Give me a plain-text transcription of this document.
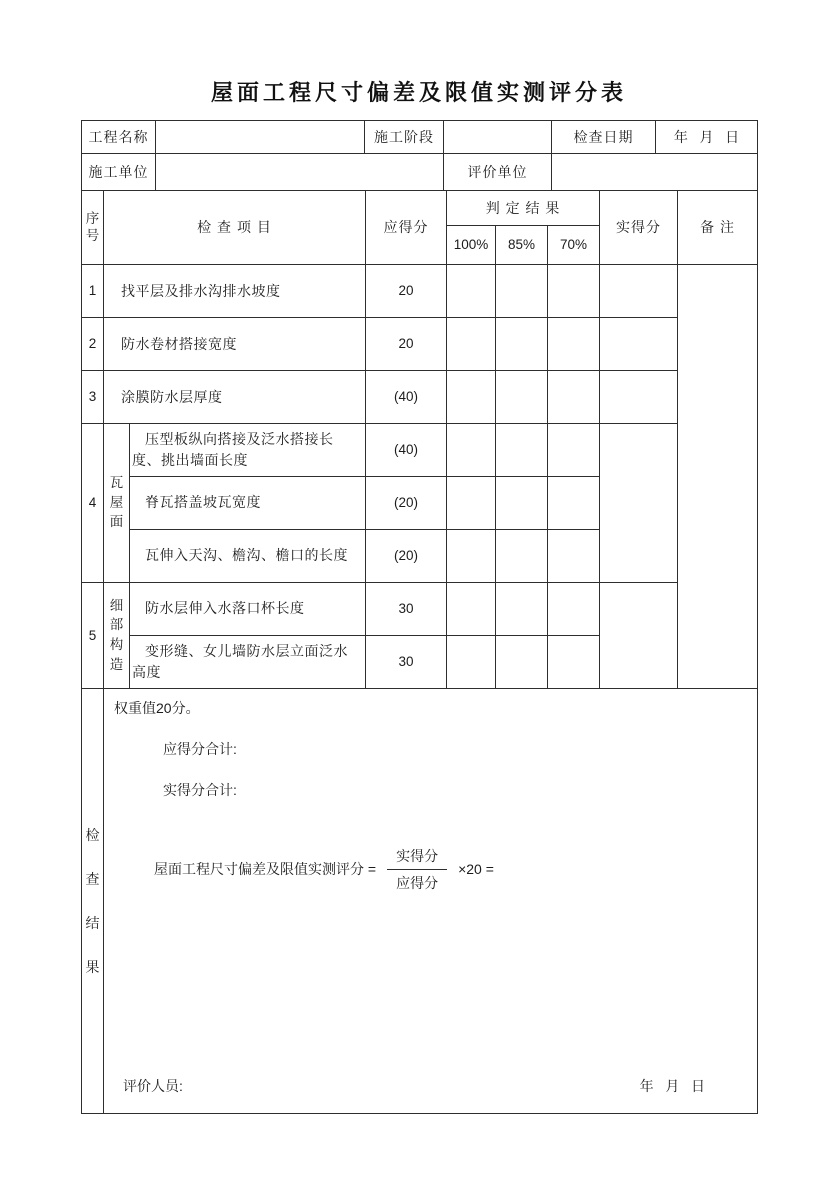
屋面工程尺寸偏差及限值实测评分表
工程名称		施工阶段		检查日期	年   月   日
施工单位			评价单位		
序号	检 查 项 目		应得分	判 定 结 果			实得分	备 注
				100%	85%	70%		
1	找平层及排水沟排水坡度		20					
2	防水卷材搭接宽度		20					
3	涂膜防水层厚度		(40)					
4	瓦屋面	压型板纵向搭接及泛水搭接长度、挑出墙面长度	(40)					
		脊瓦搭盖坡瓦宽度	(20)					
		瓦伸入天沟、檐沟、檐口的长度	(20)					
5	细部构造	防水层伸入水落口杯长度	30					
		变形缝、女儿墙防水层立面泛水高度	30					
检查结果	
权重值20分。
应得分合计:
实得分合计:
屋面工程尺寸偏差及限值实测评分 = $\frac{\text{实得分}}{\text{应得分}} \times 20$ =
评价人员:	年   月   日
